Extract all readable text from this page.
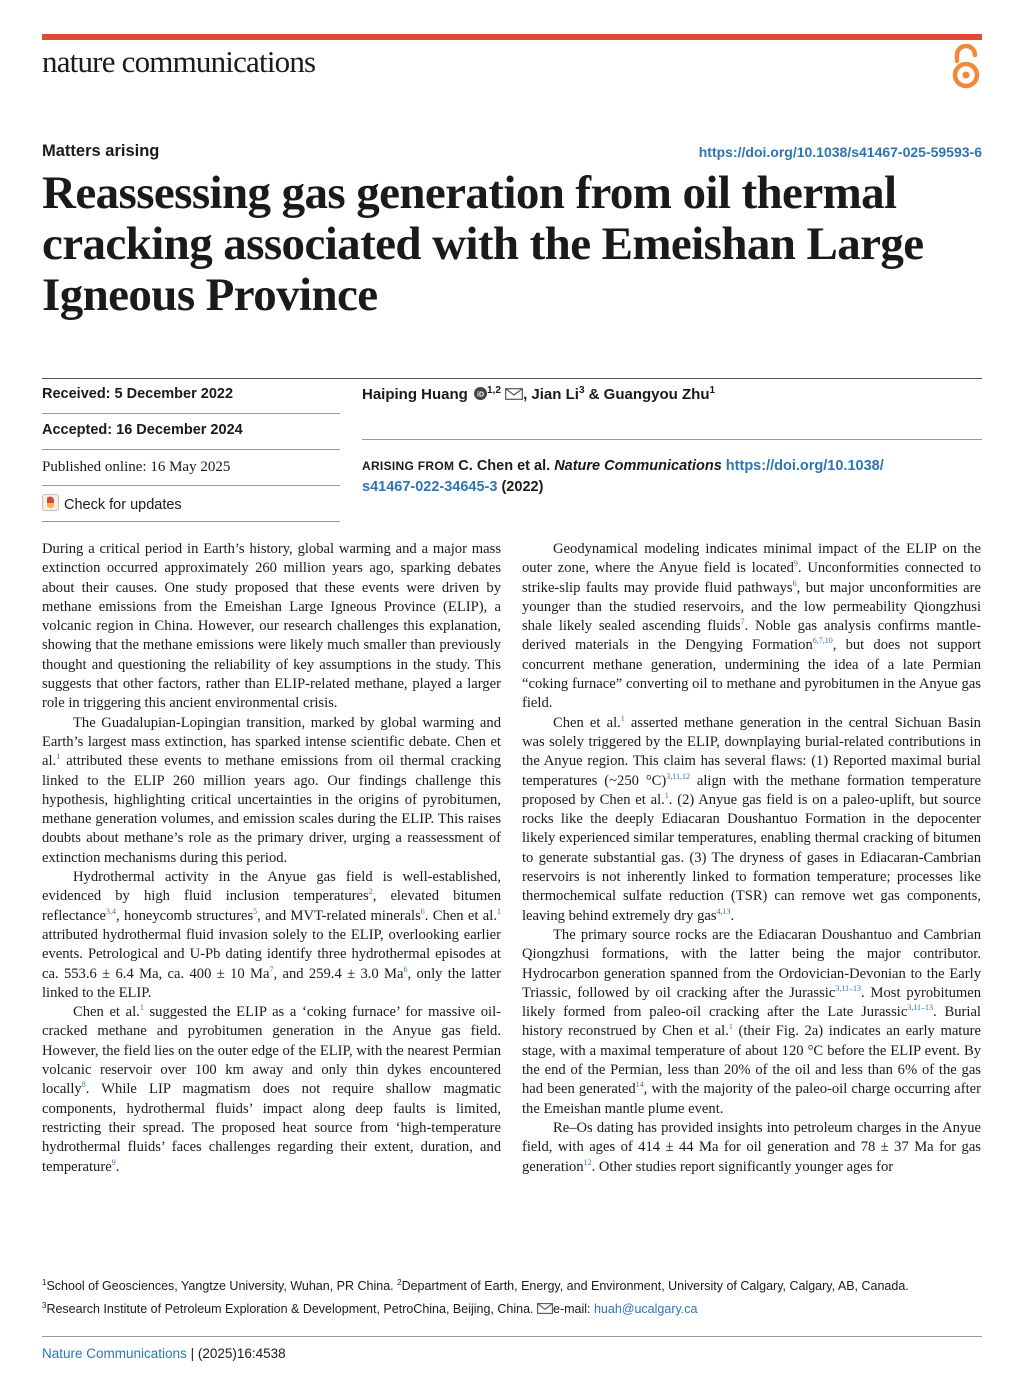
nature communications
Matters arising	https://doi.org/10.1038/s41467-025-59593-6
Reassessing gas generation from oil thermal cracking associated with the Emeishan Large Igneous Province
Received: 5 December 2022
Accepted: 16 December 2024
Published online: 16 May 2025
Check for updates
Haiping Huang iD $^{1,2}$ , Jian Li$^3$ & Guangyou Zhu$^1$
ARISING FROM C. Chen et al. Nature Communications https://doi.org/10.1038/
s41467-022-34645-3 (2022)

During a critical period in Earth’s history, global warming and a major mass extinction occurred approximately 260 million years ago, sparking debates about their causes. One study proposed that these events were driven by methane emissions from the Emeishan Large Igneous Province (ELIP), a volcanic region in China. However, our research challenges this explanation, showing that the methane emissions were likely much smaller than previously thought and questioning the reliability of key assumptions in the study. This suggests that other factors, rather than ELIP-related methane, played a larger role in triggering this ancient environmental crisis.

The Guadalupian-Lopingian transition, marked by global warming and Earth’s largest mass extinction, has sparked intense scientific debate. Chen et al.$^1$ attributed these events to methane emissions from oil thermal cracking linked to the ELIP 260 million years ago. Our findings challenge this hypothesis, highlighting critical uncertainties in the origins of pyrobitumen, methane generation volumes, and emission scales during the ELIP. This raises doubts about methane’s role as the primary driver, urging a reassessment of extinction mechanisms during this period.

Hydrothermal activity in the Anyue gas field is well-established, evidenced by high fluid inclusion temperatures$^2$, elevated bitumen reflectance$^{3,4}$, honeycomb structures$^5$, and MVT-related minerals$^6$. Chen et al.$^1$ attributed hydrothermal fluid invasion solely to the ELIP, overlooking earlier events. Petrological and U-Pb dating identify three hydrothermal episodes at ca. 553.6 ± 6.4 Ma, ca. 400 ± 10 Ma$^7$, and 259.4 ± 3.0 Ma$^6$, only the latter linked to the ELIP.

Chen et al.$^1$ suggested the ELIP as a ‘coking furnace’ for massive oil-cracked methane and pyrobitumen generation in the Anyue gas field. However, the field lies on the outer edge of the ELIP, with the nearest Permian volcanic reservoir over 100 km away and only thin dykes encountered locally$^8$. While LIP magmatism does not require shallow magmatic components, hydrothermal fluids’ impact along deep faults is limited, restricting their spread. The proposed heat source from ‘high-temperature hydrothermal fluids’ faces challenges regarding their extent, duration, and temperature$^9$.

Geodynamical modeling indicates minimal impact of the ELIP on the outer zone, where the Anyue field is located$^9$. Unconformities connected to strike-slip faults may provide fluid pathways$^6$, but major unconformities are younger than the studied reservoirs, and the low permeability Qiongzhusi shale likely sealed ascending fluids$^7$. Noble gas analysis confirms mantle-derived materials in the Dengying Formation$^{6,7,10}$, but does not support concurrent methane generation, undermining the idea of a late Permian “coking furnace” converting oil to methane and pyrobitumen in the Anyue gas field.

Chen et al.$^1$ asserted methane generation in the central Sichuan Basin was solely triggered by the ELIP, downplaying burial-related contributions in the Anyue region. This claim has several flaws: (1) Reported maximal burial temperatures (~250 °C)$^{3,11,12}$ align with the methane formation temperature proposed by Chen et al.$^1$. (2) Anyue gas field is on a paleo-uplift, but source rocks like the deeply Ediacaran Doushantuo Formation in the depocenter likely experienced similar temperatures, enabling thermal cracking of bitumen to generate substantial gas. (3) The dryness of gases in Ediacaran-Cambrian reservoirs is not inherently linked to formation temperature; processes like thermochemical sulfate reduction (TSR) can remove wet gas components, leaving behind extremely dry gas$^{4,13}$.

The primary source rocks are the Ediacaran Doushantuo and Cambrian Qiongzhusi formations, with the latter being the major contributor. Hydrocarbon generation spanned from the Ordovician-Devonian to the Early Triassic, followed by oil cracking after the Jurassic$^{3,11-13}$. Most pyrobitumen likely formed from paleo-oil cracking after the Late Jurassic$^{3,11-13}$. Burial history reconstrued by Chen et al.$^1$ (their Fig. 2a) indicates an early mature stage, with a maximal temperature of about 120 °C before the ELIP event. By the end of the Permian, less than 20% of the oil and less than 6% of the gas had been generated$^{14}$, with the majority of the paleo-oil charge occurring after the Emeishan mantle plume event.

Re–Os dating has provided insights into petroleum charges in the Anyue field, with ages of 414 ± 44 Ma for oil generation and 78 ± 37 Ma for gas generation$^{12}$. Other studies report significantly younger ages for

$^1$School of Geosciences, Yangtze University, Wuhan, PR China. $^2$Department of Earth, Energy, and Environment, University of Calgary, Calgary, AB, Canada.
$^3$Research Institute of Petroleum Exploration & Development, PetroChina, Beijing, China. e-mail: huah@ucalgary.ca
Nature Communications | (2025)16:4538
